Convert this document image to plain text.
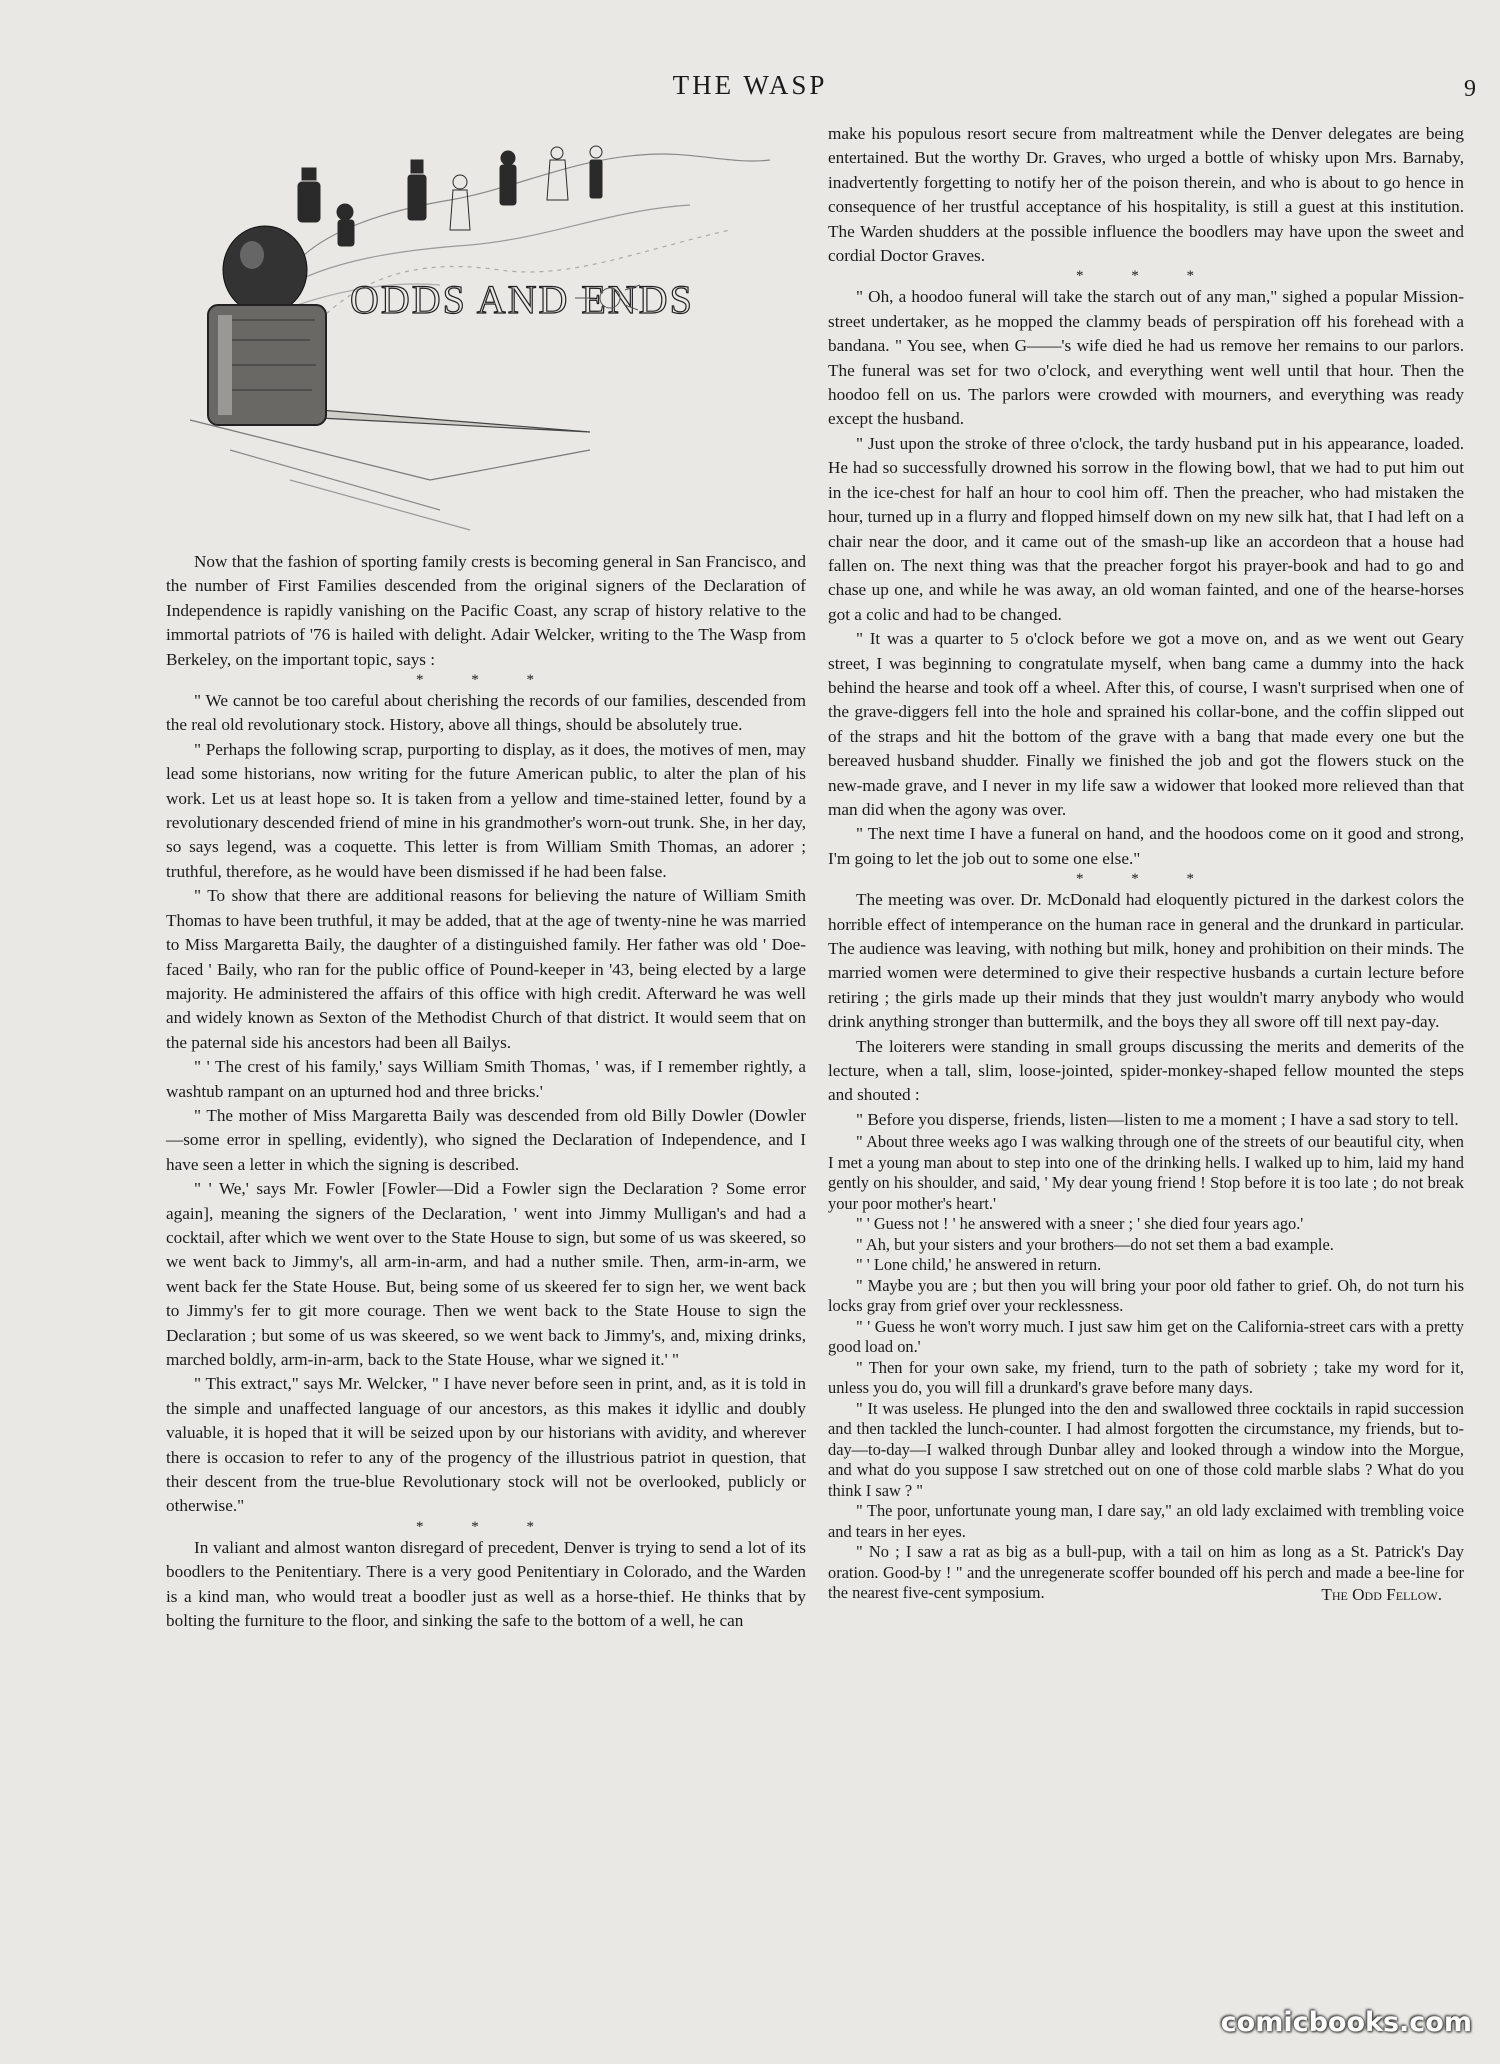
THE WASP	9
ODDS AND ENDS

Now that the fashion of sporting family crests is becoming general in San Francisco, and the number of First Families descended from the original signers of the Declaration of Independence is rapidly vanishing on the Pacific Coast, any scrap of history relative to the immortal patriots of '76 is hailed with delight. Adair Welcker, writing to the The Wasp from Berkeley, on the important topic, says :

* * *

" We cannot be too careful about cherishing the records of our families, descended from the real old revolutionary stock. History, above all things, should be absolutely true.

" Perhaps the following scrap, purporting to display, as it does, the motives of men, may lead some historians, now writing for the future American public, to alter the plan of his work. Let us at least hope so. It is taken from a yellow and time-stained letter, found by a revolutionary descended friend of mine in his grandmother's worn-out trunk. She, in her day, so says legend, was a coquette. This letter is from William Smith Thomas, an adorer ; truthful, therefore, as he would have been dismissed if he had been false.

" To show that there are additional reasons for believing the nature of William Smith Thomas to have been truthful, it may be added, that at the age of twenty-nine he was married to Miss Margaretta Baily, the daughter of a distinguished family. Her father was old ' Doe-faced ' Baily, who ran for the public office of Pound-keeper in '43, being elected by a large majority. He administered the affairs of this office with high credit. Afterward he was well and widely known as Sexton of the Methodist Church of that district. It would seem that on the paternal side his ancestors had been all Bailys.

" ' The crest of his family,' says William Smith Thomas, ' was, if I remember rightly, a washtub rampant on an upturned hod and three bricks.'

" The mother of Miss Margaretta Baily was descended from old Billy Dowler (Dowler—some error in spelling, evidently), who signed the Declaration of Independence, and I have seen a letter in which the signing is described.

" ' We,' says Mr. Fowler [Fowler—Did a Fowler sign the Declaration ? Some error again], meaning the signers of the Declaration, ' went into Jimmy Mulligan's and had a cocktail, after which we went over to the State House to sign, but some of us was skeered, so we went back to Jimmy's, all arm-in-arm, and had a nuther smile. Then, arm-in-arm, we went back fer the State House. But, being some of us skeered fer to sign her, we went back to Jimmy's fer to git more courage. Then we went back to the State House to sign the Declaration ; but some of us was skeered, so we went back to Jimmy's, and, mixing drinks, marched boldly, arm-in-arm, back to the State House, whar we signed it.' "

" This extract," says Mr. Welcker, " I have never before seen in print, and, as it is told in the simple and unaffected language of our ancestors, as this makes it idyllic and doubly valuable, it is hoped that it will be seized upon by our historians with avidity, and wherever there is occasion to refer to any of the progency of the illustrious patriot in question, that their descent from the true-blue Revolutionary stock will not be overlooked, publicly or otherwise."

* * *

In valiant and almost wanton disregard of precedent, Denver is trying to send a lot of its boodlers to the Penitentiary. There is a very good Penitentiary in Colorado, and the Warden is a kind man, who would treat a boodler just as well as a horse-thief. He thinks that by bolting the furniture to the floor, and sinking the safe to the bottom of a well, he can

make his populous resort secure from maltreatment while the Denver delegates are being entertained. But the worthy Dr. Graves, who urged a bottle of whisky upon Mrs. Barnaby, inadvertently forgetting to notify her of the poison therein, and who is about to go hence in consequence of her trustful acceptance of his hospitality, is still a guest at this institution. The Warden shudders at the possible influence the boodlers may have upon the sweet and cordial Doctor Graves.

* * *

" Oh, a hoodoo funeral will take the starch out of any man," sighed a popular Mission-street undertaker, as he mopped the clammy beads of perspiration off his forehead with a bandana. " You see, when G——'s wife died he had us remove her remains to our parlors. The funeral was set for two o'clock, and everything went well until that hour. Then the hoodoo fell on us. The parlors were crowded with mourners, and everything was ready except the husband.

" Just upon the stroke of three o'clock, the tardy husband put in his appearance, loaded. He had so successfully drowned his sorrow in the flowing bowl, that we had to put him out in the ice-chest for half an hour to cool him off. Then the preacher, who had mistaken the hour, turned up in a flurry and flopped himself down on my new silk hat, that I had left on a chair near the door, and it came out of the smash-up like an accordeon that a house had fallen on. The next thing was that the preacher forgot his prayer-book and had to go and chase up one, and while he was away, an old woman fainted, and one of the hearse-horses got a colic and had to be changed.

" It was a quarter to 5 o'clock before we got a move on, and as we went out Geary street, I was beginning to congratulate myself, when bang came a dummy into the hack behind the hearse and took off a wheel. After this, of course, I wasn't surprised when one of the grave-diggers fell into the hole and sprained his collar-bone, and the coffin slipped out of the straps and hit the bottom of the grave with a bang that made every one but the bereaved husband shudder. Finally we finished the job and got the flowers stuck on the new-made grave, and I never in my life saw a widower that looked more relieved than that man did when the agony was over.

" The next time I have a funeral on hand, and the hoodoos come on it good and strong, I'm going to let the job out to some one else."

* * *

The meeting was over. Dr. McDonald had eloquently pictured in the darkest colors the horrible effect of intemperance on the human race in general and the drunkard in particular. The audience was leaving, with nothing but milk, honey and prohibition on their minds. The married women were determined to give their respective husbands a curtain lecture before retiring ; the girls made up their minds that they just wouldn't marry anybody who would drink anything stronger than buttermilk, and the boys they all swore off till next pay-day.

The loiterers were standing in small groups discussing the merits and demerits of the lecture, when a tall, slim, loose-jointed, spider-monkey-shaped fellow mounted the steps and shouted :

" Before you disperse, friends, listen—listen to me a moment ; I have a sad story to tell.

" About three weeks ago I was walking through one of the streets of our beautiful city, when I met a young man about to step into one of the drinking hells. I walked up to him, laid my hand gently on his shoulder, and said, ' My dear young friend ! Stop before it is too late ; do not break your poor mother's heart.'

" ' Guess not ! ' he answered with a sneer ; ' she died four years ago.'

" Ah, but your sisters and your brothers—do not set them a bad example.

" ' Lone child,' he answered in return.

" Maybe you are ; but then you will bring your poor old father to grief. Oh, do not turn his locks gray from grief over your recklessness.

" ' Guess he won't worry much. I just saw him get on the California-street cars with a pretty good load on.'

" Then for your own sake, my friend, turn to the path of sobriety ; take my word for it, unless you do, you will fill a drunkard's grave before many days.

" It was useless. He plunged into the den and swallowed three cocktails in rapid succession and then tackled the lunch-counter. I had almost forgotten the circumstance, my friends, but to-day—to-day—I walked through Dunbar alley and looked through a window into the Morgue, and what do you suppose I saw stretched out on one of those cold marble slabs ? What do you think I saw ? "

" The poor, unfortunate young man, I dare say," an old lady exclaimed with trembling voice and tears in her eyes.

" No ; I saw a rat as big as a bull-pup, with a tail on him as long as a St. Patrick's Day oration. Good-by ! " and the unregenerate scoffer bounded off his perch and made a bee-line for the nearest five-cent symposium.	The Odd Fellow.
comicbooks.com
